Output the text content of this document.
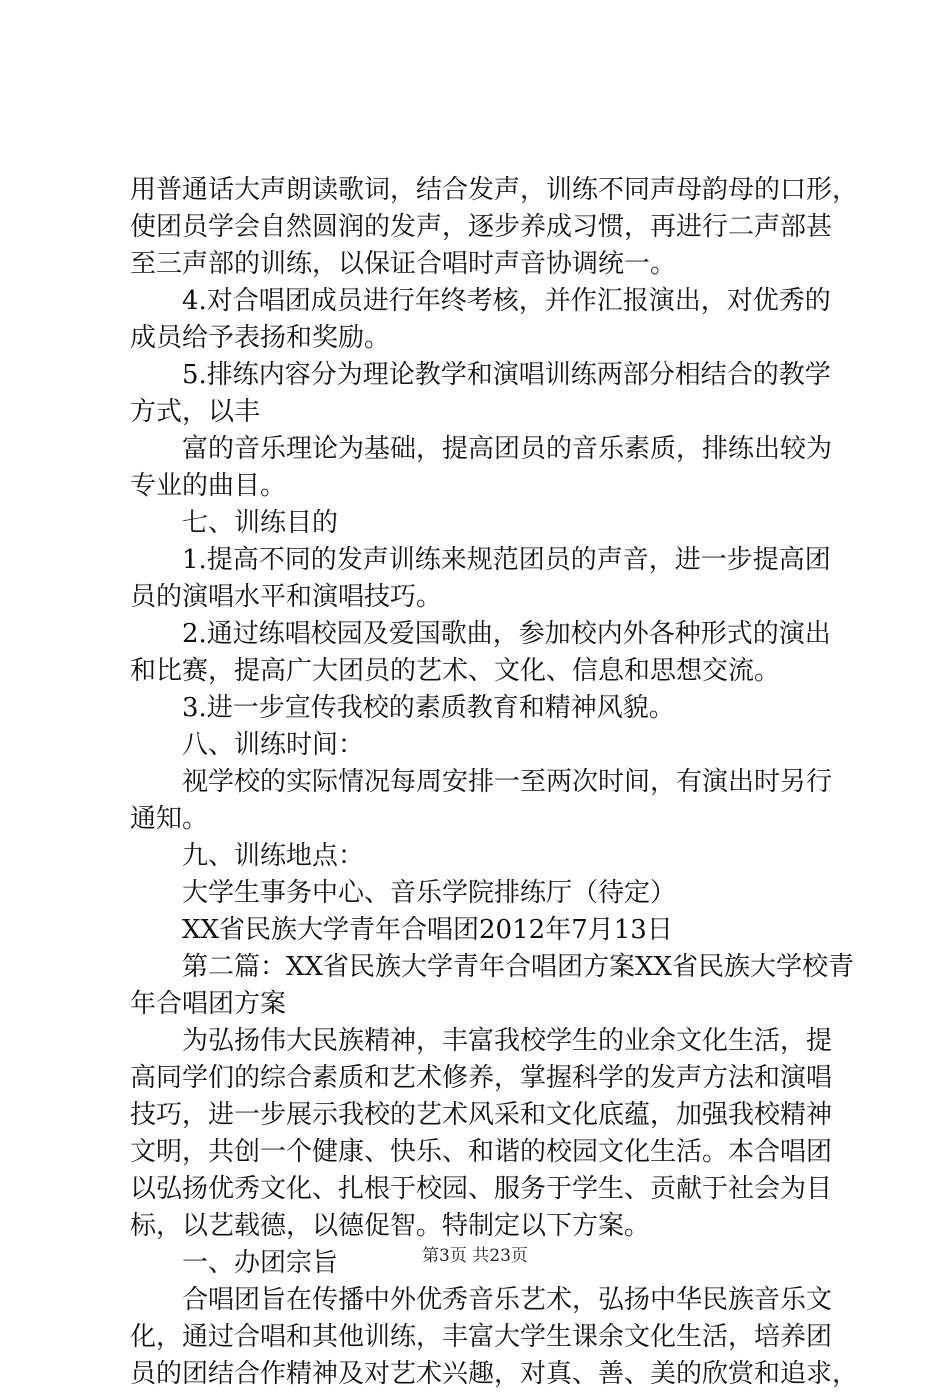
用普通话大声朗读歌词，结合发声，训练不同声母韵母的口形，
使团员学会自然圆润的发声，逐步养成习惯，再进行二声部甚
至三声部的训练，以保证合唱时声音协调统一。
4.对合唱团成员进行年终考核，并作汇报演出，对优秀的
成员给予表扬和奖励。
5.排练内容分为理论教学和演唱训练两部分相结合的教学
方式，以丰
富的音乐理论为基础，提高团员的音乐素质，排练出较为
专业的曲目。
七、训练目的
1.提高不同的发声训练来规范团员的声音，进一步提高团
员的演唱水平和演唱技巧。
2.通过练唱校园及爱国歌曲，参加校内外各种形式的演出
和比赛，提高广大团员的艺术、文化、信息和思想交流。
3.进一步宣传我校的素质教育和精神风貌。
八、训练时间：
视学校的实际情况每周安排一至两次时间，有演出时另行
通知。
九、训练地点：
大学生事务中心、音乐学院排练厅（待定）
XX省民族大学青年合唱团2012年7月13日
第二篇：XX省民族大学青年合唱团方案XX省民族大学校青
年合唱团方案
为弘扬伟大民族精神，丰富我校学生的业余文化生活，提
高同学们的综合素质和艺术修养，掌握科学的发声方法和演唱
技巧，进一步展示我校的艺术风采和文化底蕴，加强我校精神
文明，共创一个健康、快乐、和谐的校园文化生活。本合唱团
以弘扬优秀文化、扎根于校园、服务于学生、贡献于社会为目
标，以艺载德，以德促智。特制定以下方案。
一、办团宗旨
合唱团旨在传播中外优秀音乐艺术，弘扬中华民族音乐文
化，通过合唱和其他训练，丰富大学生课余文化生活，培养团
员的团结合作精神及对艺术兴趣，对真、善、美的欣赏和追求，
第3页 共23页
